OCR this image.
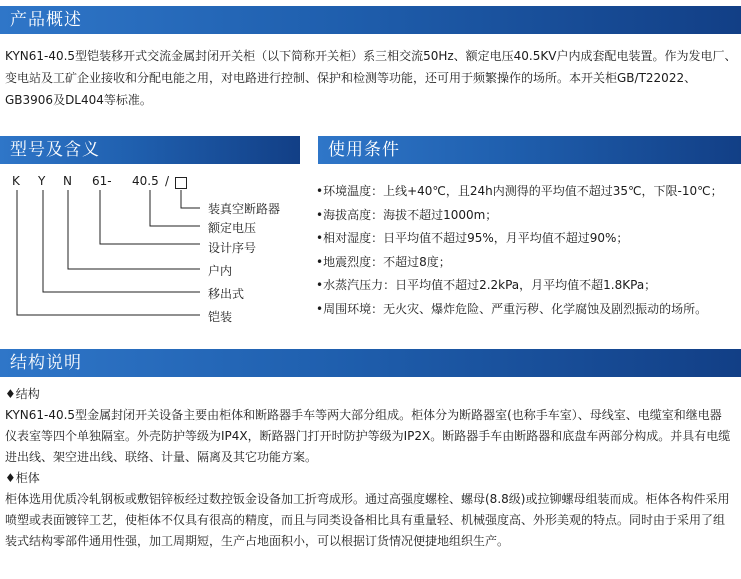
产品概述
KYN61-40.5型铠装移开式交流金属封闭开关柜（以下简称开关柜）系三相交流50Hz、额定电压40.5KV户内成套配电装置。作为发电厂、
变电站及工矿企业接收和分配电能之用，对电路进行控制、保护和检测等功能，还可用于频繁操作的场所。本开关柜GB/T22022、
GB3906及DL404等标准。
型号及含义
K Y N 61- 40.5 /
装真空断路器
额定电压
设计序号
户内
移出式
铠装
使用条件
•环境温度：上线+40℃，且24h内测得的平均值不超过35℃，下限-10℃；
•海拔高度：海拔不超过1000m；
•相对湿度：日平均值不超过95%，月平均值不超过90%；
•地震烈度：不超过8度；
•水蒸汽压力：日平均值不超过2.2kPa，月平均值不超1.8KPa；
•周围环境：无火灾、爆炸危险、严重污秽、化学腐蚀及剧烈振动的场所。
结构说明
♦结构
KYN61-40.5型金属封闭开关设备主要由柜体和断路器手车等两大部分组成。柜体分为断路器室(也称手车室）、母线室、电缆室和继电器
仪表室等四个单独隔室。外壳防护等级为IP4X，断路器门打开时防护等级为IP2X。断路器手车由断路器和底盘车两部分构成。并具有电缆
进出线、架空进出线、联络、计量、隔离及其它功能方案。
♦柜体
柜体选用优质冷轧钢板或敷铝锌板经过数控钣金设备加工折弯成形。通过高强度螺栓、螺母(8.8级)或拉铆螺母组装而成。柜体各构件采用
喷塑或表面镀锌工艺，使柜体不仅具有很高的精度，而且与同类设备相比具有重量轻、机械强度高、外形美观的特点。同时由于采用了组
装式结构零部件通用性强，加工周期短，生产占地面积小，可以根据订货情况便捷地组织生产。
